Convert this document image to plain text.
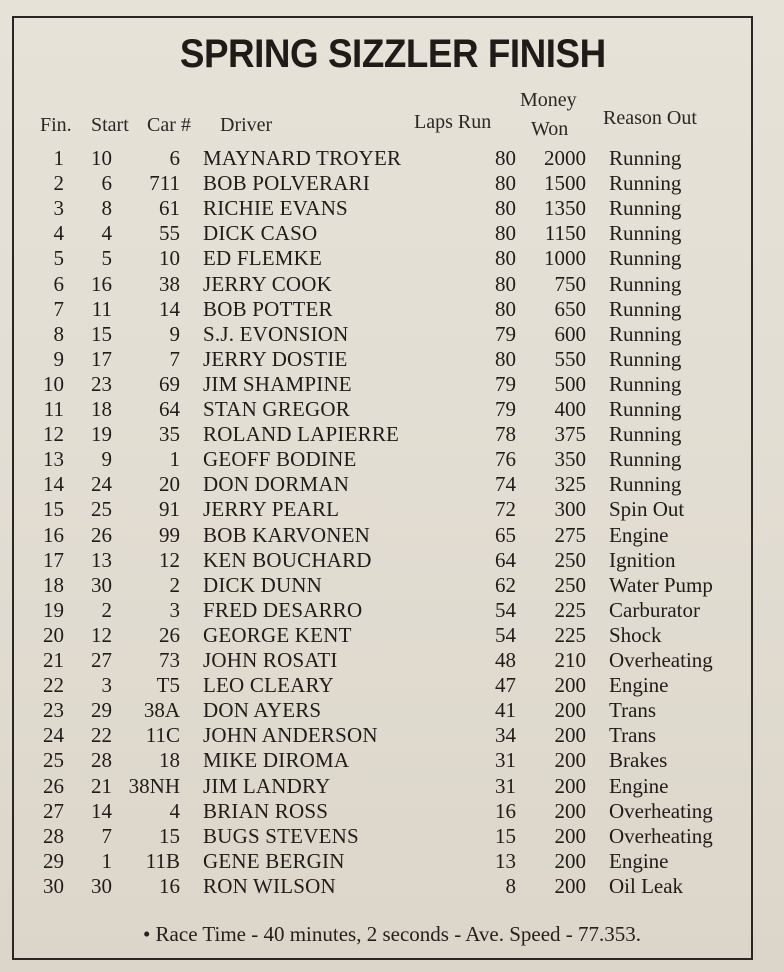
SPRING SIZZLER FINISH
Fin. Start Car # Driver	Laps Run
Money
Won Reason Out
1	10	6 MAYNARD TROYER	80	2000 Running
2	6	711 BOB POLVERARI	80	1500 Running
3	8	61 RICHIE EVANS	80	1350 Running
4	4	55 DICK CASO	80	1150 Running
5	5	10 ED FLEMKE	80	1000 Running
6	16	38 JERRY COOK	80	750 Running
7	11	14 BOB POTTER	80	650 Running
8	15	9 S.J. EVONSION	79	600 Running
9	17	7 JERRY DOSTIE	80	550 Running
10	23	69 JIM SHAMPINE	79	500 Running
11	18	64 STAN GREGOR	79	400 Running
12	19	35 ROLAND LAPIERRE	78	375 Running
13	9	1 GEOFF BODINE	76	350 Running
14	24	20 DON DORMAN	74	325 Running
15	25	91 JERRY PEARL	72	300 Spin Out
16	26	99 BOB KARVONEN	65	275 Engine
17	13	12 KEN BOUCHARD	64	250 Ignition
18	30	2 DICK DUNN	62	250 Water Pump
19	2	3 FRED DESARRO	54	225 Carburator
20	12	26 GEORGE KENT	54	225 Shock
21	27	73 JOHN ROSATI	48	210 Overheating
22	3	T5 LEO CLEARY	47	200 Engine
23	29	38A DON AYERS	41	200 Trans
24	22	11C JOHN ANDERSON	34	200 Trans
25	28	18 MIKE DIROMA	31	200 Brakes
26	21 38NH JIM LANDRY	31	200 Engine
27	14	4 BRIAN ROSS	16	200 Overheating
28	7	15 BUGS STEVENS	15	200 Overheating
29	1	11B GENE BERGIN	13	200 Engine
30	30	16 RON WILSON	8	200 Oil Leak
• Race Time - 40 minutes, 2 seconds - Ave. Speed - 77.353.
